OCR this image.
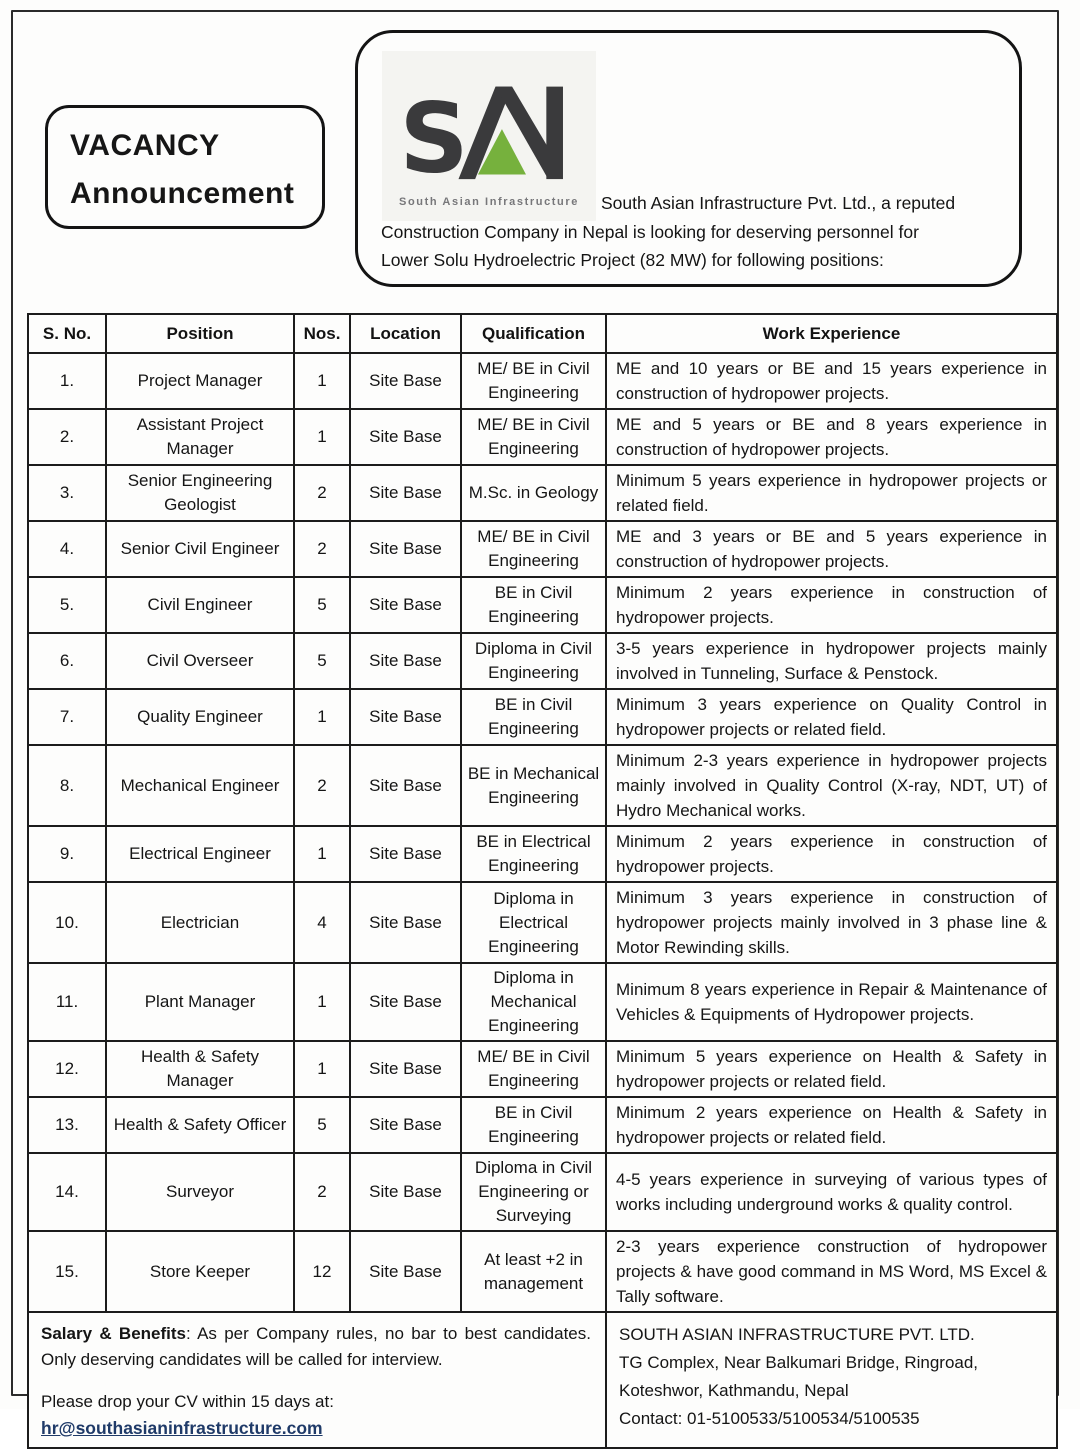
VACANCY
Announcement S
South Asian Infrastructure	South Asian Infrastructure Pvt. Ltd., a reputed
Construction Company in Nepal is looking for deserving personnel for
Lower Solu Hydroelectric Project (82 MW) for following positions:
S. No.	Position	Nos.	Location	Qualification	Work Experience
1.	Project Manager	1	Site Base	ME/ BE in Civil Engineering	ME and 10 years or BE and 15 years experience in construction of hydropower projects.
2.	Assistant Project Manager	1	Site Base	ME/ BE in Civil Engineering	ME and 5 years or BE and 8 years experience in construction of hydropower projects.
3.	Senior Engineering Geologist	2	Site Base	M.Sc. in Geology	Minimum 5 years experience in hydropower projects or related field.
4.	Senior Civil Engineer	2	Site Base	ME/ BE in Civil Engineering	ME and 3 years or BE and 5 years experience in construction of hydropower projects.
5.	Civil Engineer	5	Site Base	BE in Civil Engineering	Minimum 2 years experience in construction of hydropower projects.
6.	Civil Overseer	5	Site Base	Diploma in Civil Engineering	3-5 years experience in hydropower projects mainly involved in Tunneling, Surface & Penstock.
7.	Quality Engineer	1	Site Base	BE in Civil Engineering	Minimum 3 years experience on Quality Control in hydropower projects or related field.
8.	Mechanical Engineer	2	Site Base	BE in Mechanical Engineering	Minimum 2-3 years experience in hydropower projects mainly involved in Quality Control (X-ray, NDT, UT) of Hydro Mechanical works.
9.	Electrical Engineer	1	Site Base	BE in Electrical Engineering	Minimum 2 years experience in construction of hydropower projects.
10.	Electrician	4	Site Base	Diploma in Electrical Engineering	Minimum 3 years experience in construction of hydropower projects mainly involved in 3 phase line & Motor Rewinding skills.
11.	Plant Manager	1	Site Base	Diploma in Mechanical Engineering	Minimum 8 years experience in Repair & Maintenance of Vehicles & Equipments of Hydropower projects.
12.	Health & Safety Manager	1	Site Base	ME/ BE in Civil Engineering	Minimum 5 years experience on Health & Safety in hydropower projects or related field.
13.	Health & Safety Officer	5	Site Base	BE in Civil Engineering	Minimum 2 years experience on Health & Safety in hydropower projects or related field.
14.	Surveyor	2	Site Base	Diploma in Civil Engineering or Surveying	4-5 years experience in surveying of various types of works including underground works & quality control.
15.	Store Keeper	12	Site Base	At least +2 in management	2-3 years experience construction of hydropower projects & have good command in MS Word, MS Excel & Tally software.

Salary & Benefits: As per Company rules, no bar to best candidates. Only deserving candidates will be called for interview.
Please drop your CV within 15 days at:
hr@southasianinfrastructure.com	
SOUTH ASIAN INFRASTRUCTURE PVT. LTD.
TG Complex, Near Balkumari Bridge, Ringroad,
Koteshwor, Kathmandu, Nepal
Contact: 01-5100533/5100534/5100535
